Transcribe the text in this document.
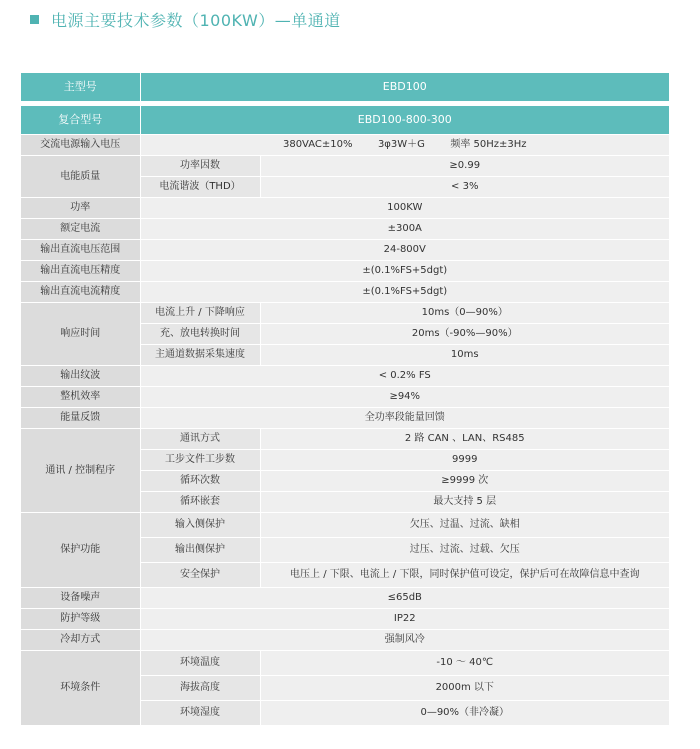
电源主要技术参数（100KW）—单通道
主型号	EBD100	

复合型号	EBD100-800-300	
交流电源输入电压	380VAC±10%        3φ3W＋G        频率 50Hz±3Hz	
电能质量	功率因数	≥0.99
	电流谐波（THD）	< 3%
功率	100KW	
额定电流	±300A	
输出直流电压范围	24-800V	
输出直流电压精度	±(0.1%FS+5dgt)	
输出直流电流精度	±(0.1%FS+5dgt)	
响应时间	电流上升 / 下降响应	10ms（0—90%）
	充、放电转换时间	20ms（-90%—90%）
	主通道数据采集速度	10ms
输出纹波	< 0.2% FS	
整机效率	≥94%	
能量反馈	全功率段能量回馈	
通讯 / 控制程序	通讯方式	2 路 CAN 、LAN、RS485
	工步文件工步数	9999
	循环次数	≥9999 次
	循环嵌套	最大支持 5 层
保护功能	输入侧保护	欠压、过温、过流、缺相
	输出侧保护	过压、过流、过载、欠压
	安全保护	电压上 / 下限、电流上 / 下限，同时保护值可设定，保护后可在故障信息中查询
设备噪声	≤65dB	
防护等级	IP22	
冷却方式	强制风冷	
环境条件	环境温度	-10 ～ 40℃
	海拔高度	2000m 以下
	环境湿度	0—90%（非冷凝）
